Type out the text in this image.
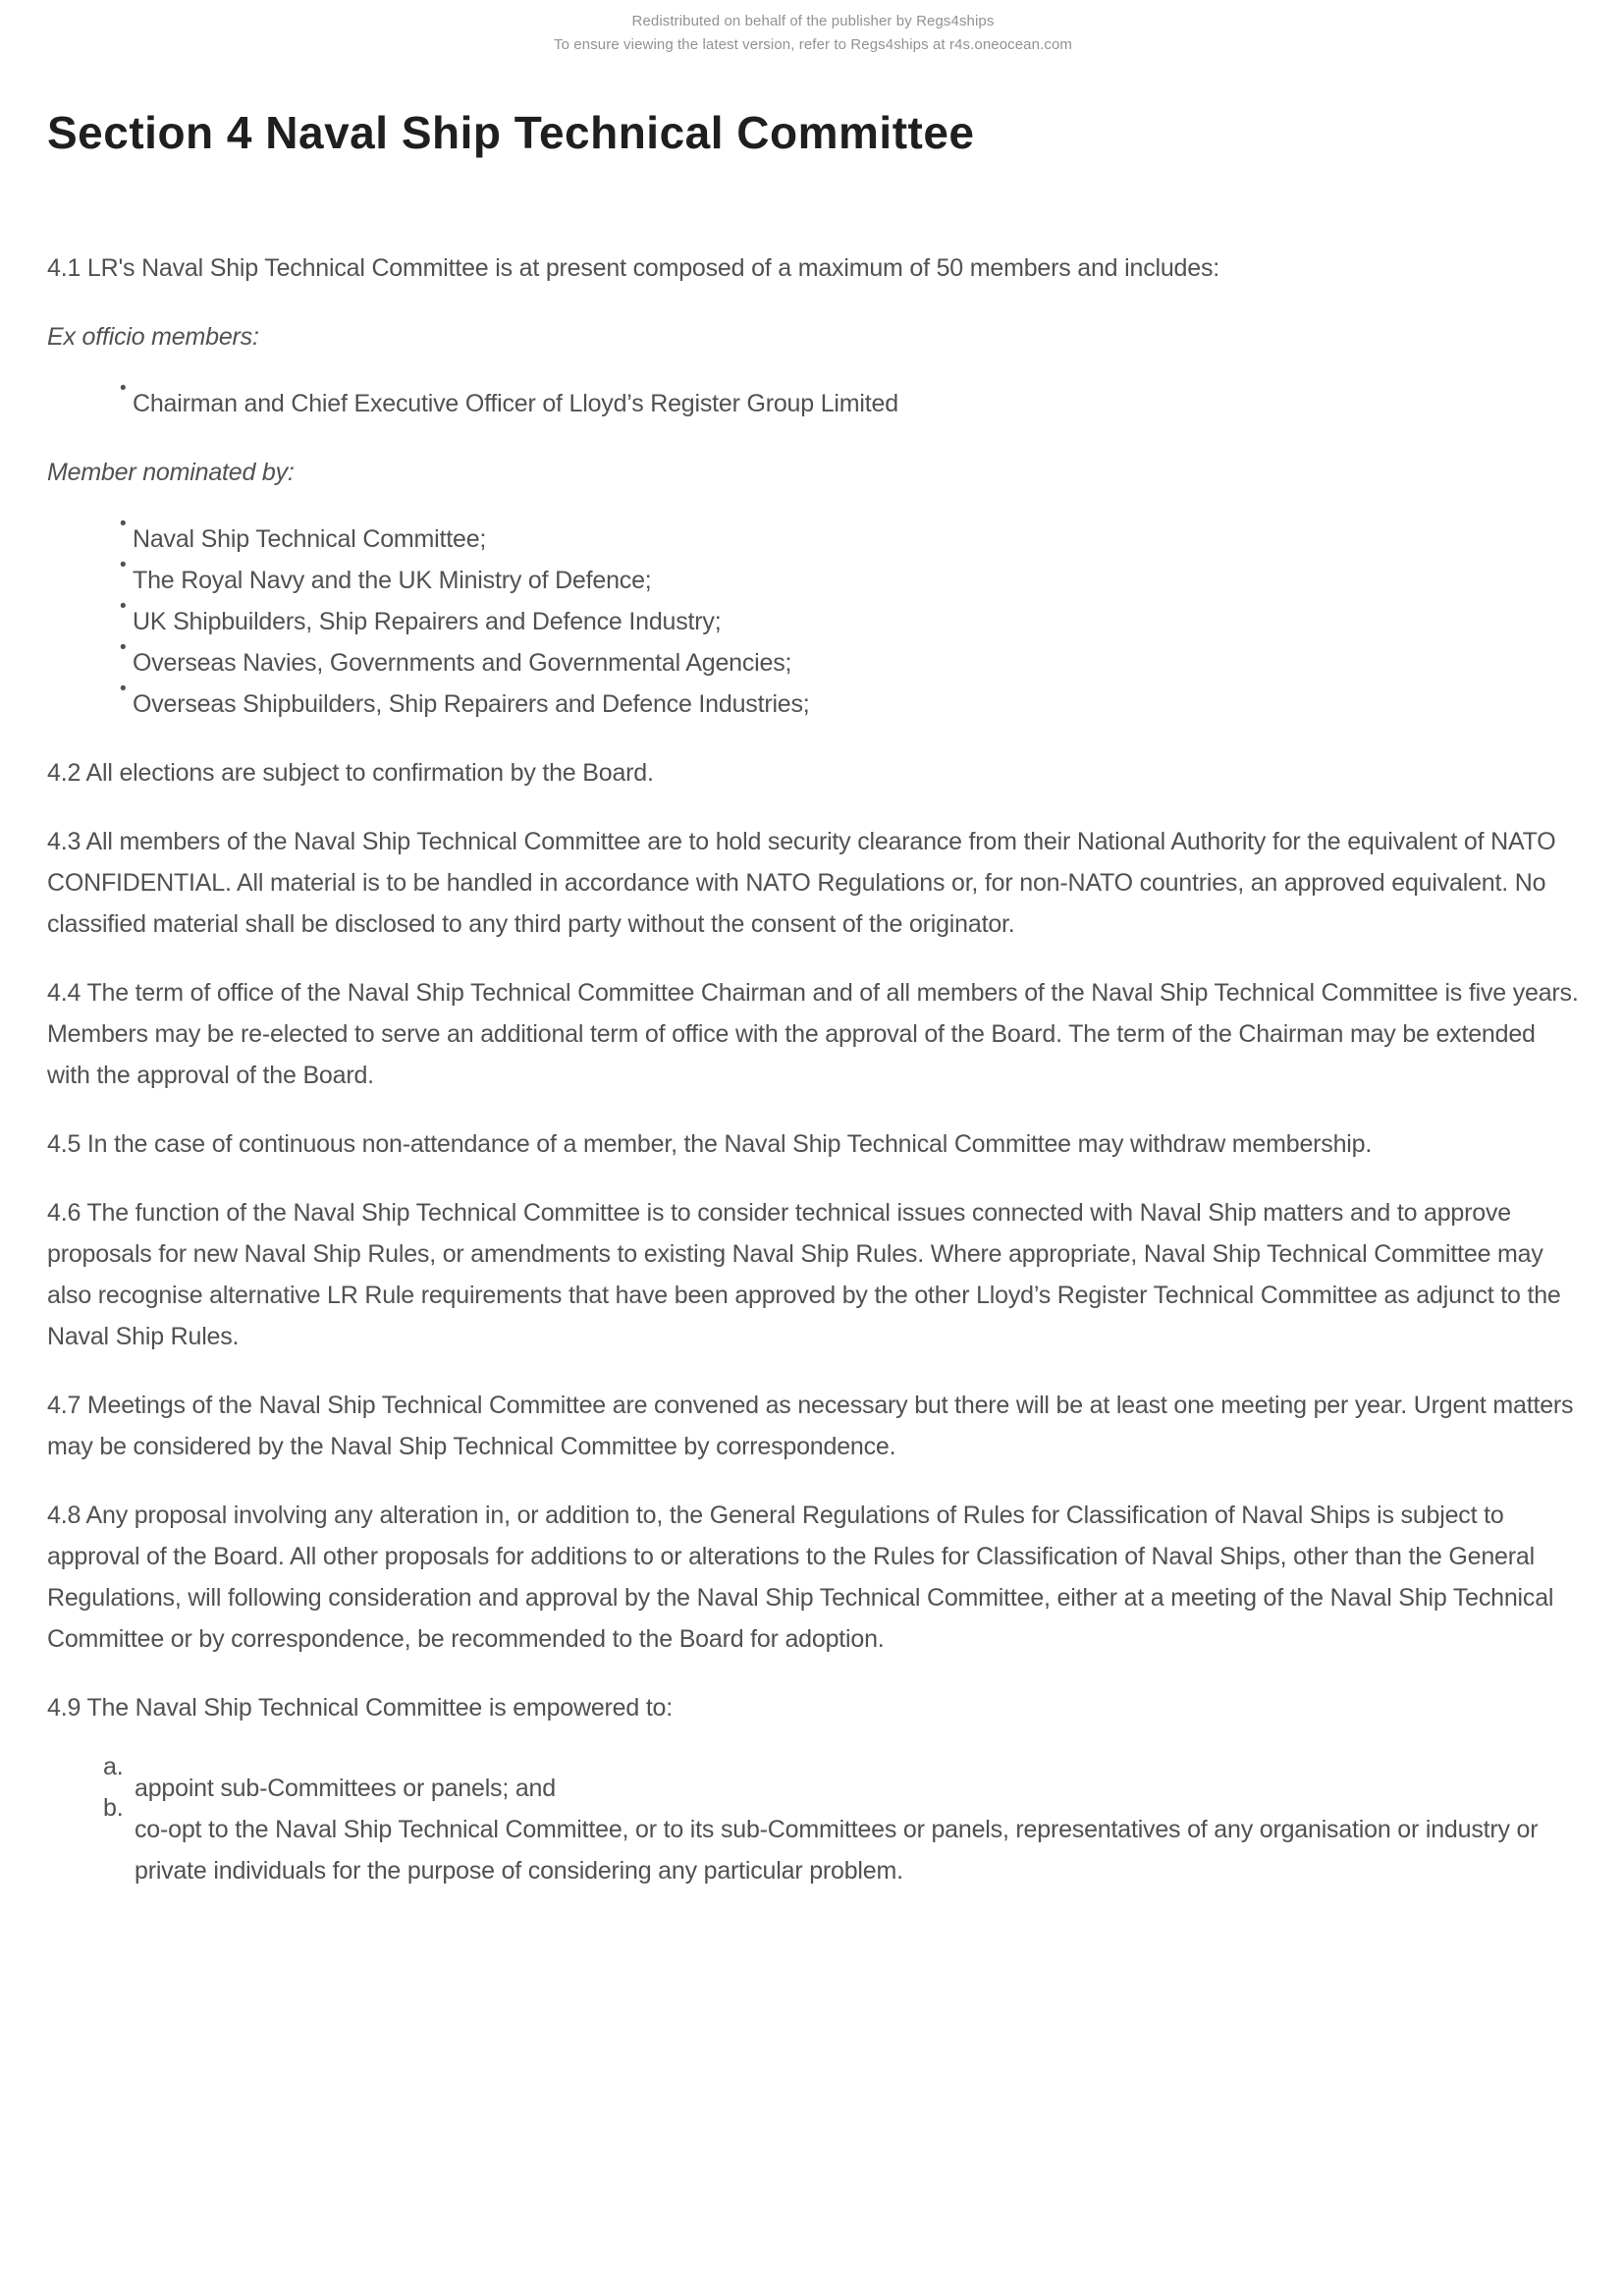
Redistributed on behalf of the publisher by Regs4ships
To ensure viewing the latest version, refer to Regs4ships at r4s.oneocean.com
Section 4 Naval Ship Technical Committee

4.1 LR's Naval Ship Technical Committee is at present composed of a maximum of 50 members and includes:

Ex officio members:

• Chairman and Chief Executive Officer of Lloyd’s Register Group Limited

Member nominated by:

• Naval Ship Technical Committee;
• The Royal Navy and the UK Ministry of Defence;
• UK Shipbuilders, Ship Repairers and Defence Industry;
• Overseas Navies, Governments and Governmental Agencies;
• Overseas Shipbuilders, Ship Repairers and Defence Industries;

4.2 All elections are subject to confirmation by the Board.

4.3 All members of the Naval Ship Technical Committee are to hold security clearance from their National Authority for the equivalent of NATO CONFIDENTIAL. All material is to be handled in accordance with NATO Regulations or, for non-NATO countries, an approved equivalent. No classified material shall be disclosed to any third party without the consent of the originator.

4.4 The term of office of the Naval Ship Technical Committee Chairman and of all members of the Naval Ship Technical Committee is five years. Members may be re-elected to serve an additional term of office with the approval of the Board. The term of the Chairman may be extended with the approval of the Board.

4.5 In the case of continuous non-attendance of a member, the Naval Ship Technical Committee may withdraw membership.

4.6 The function of the Naval Ship Technical Committee is to consider technical issues connected with Naval Ship matters and to approve proposals for new Naval Ship Rules, or amendments to existing Naval Ship Rules. Where appropriate, Naval Ship Technical Committee may also recognise alternative LR Rule requirements that have been approved by the other Lloyd’s Register Technical Committee as adjunct to the Naval Ship Rules.

4.7 Meetings of the Naval Ship Technical Committee are convened as necessary but there will be at least one meeting per year. Urgent matters may be considered by the Naval Ship Technical Committee by correspondence.

4.8 Any proposal involving any alteration in, or addition to, the General Regulations of Rules for Classification of Naval Ships is subject to approval of the Board. All other proposals for additions to or alterations to the Rules for Classification of Naval Ships, other than the General Regulations, will following consideration and approval by the Naval Ship Technical Committee, either at a meeting of the Naval Ship Technical Committee or by correspondence, be recommended to the Board for adoption.

4.9 The Naval Ship Technical Committee is empowered to:

a.
appoint sub-Committees or panels; and
b.
co-opt to the Naval Ship Technical Committee, or to its sub-Committees or panels, representatives of any organisation or industry or private individuals for the purpose of considering any particular problem.
